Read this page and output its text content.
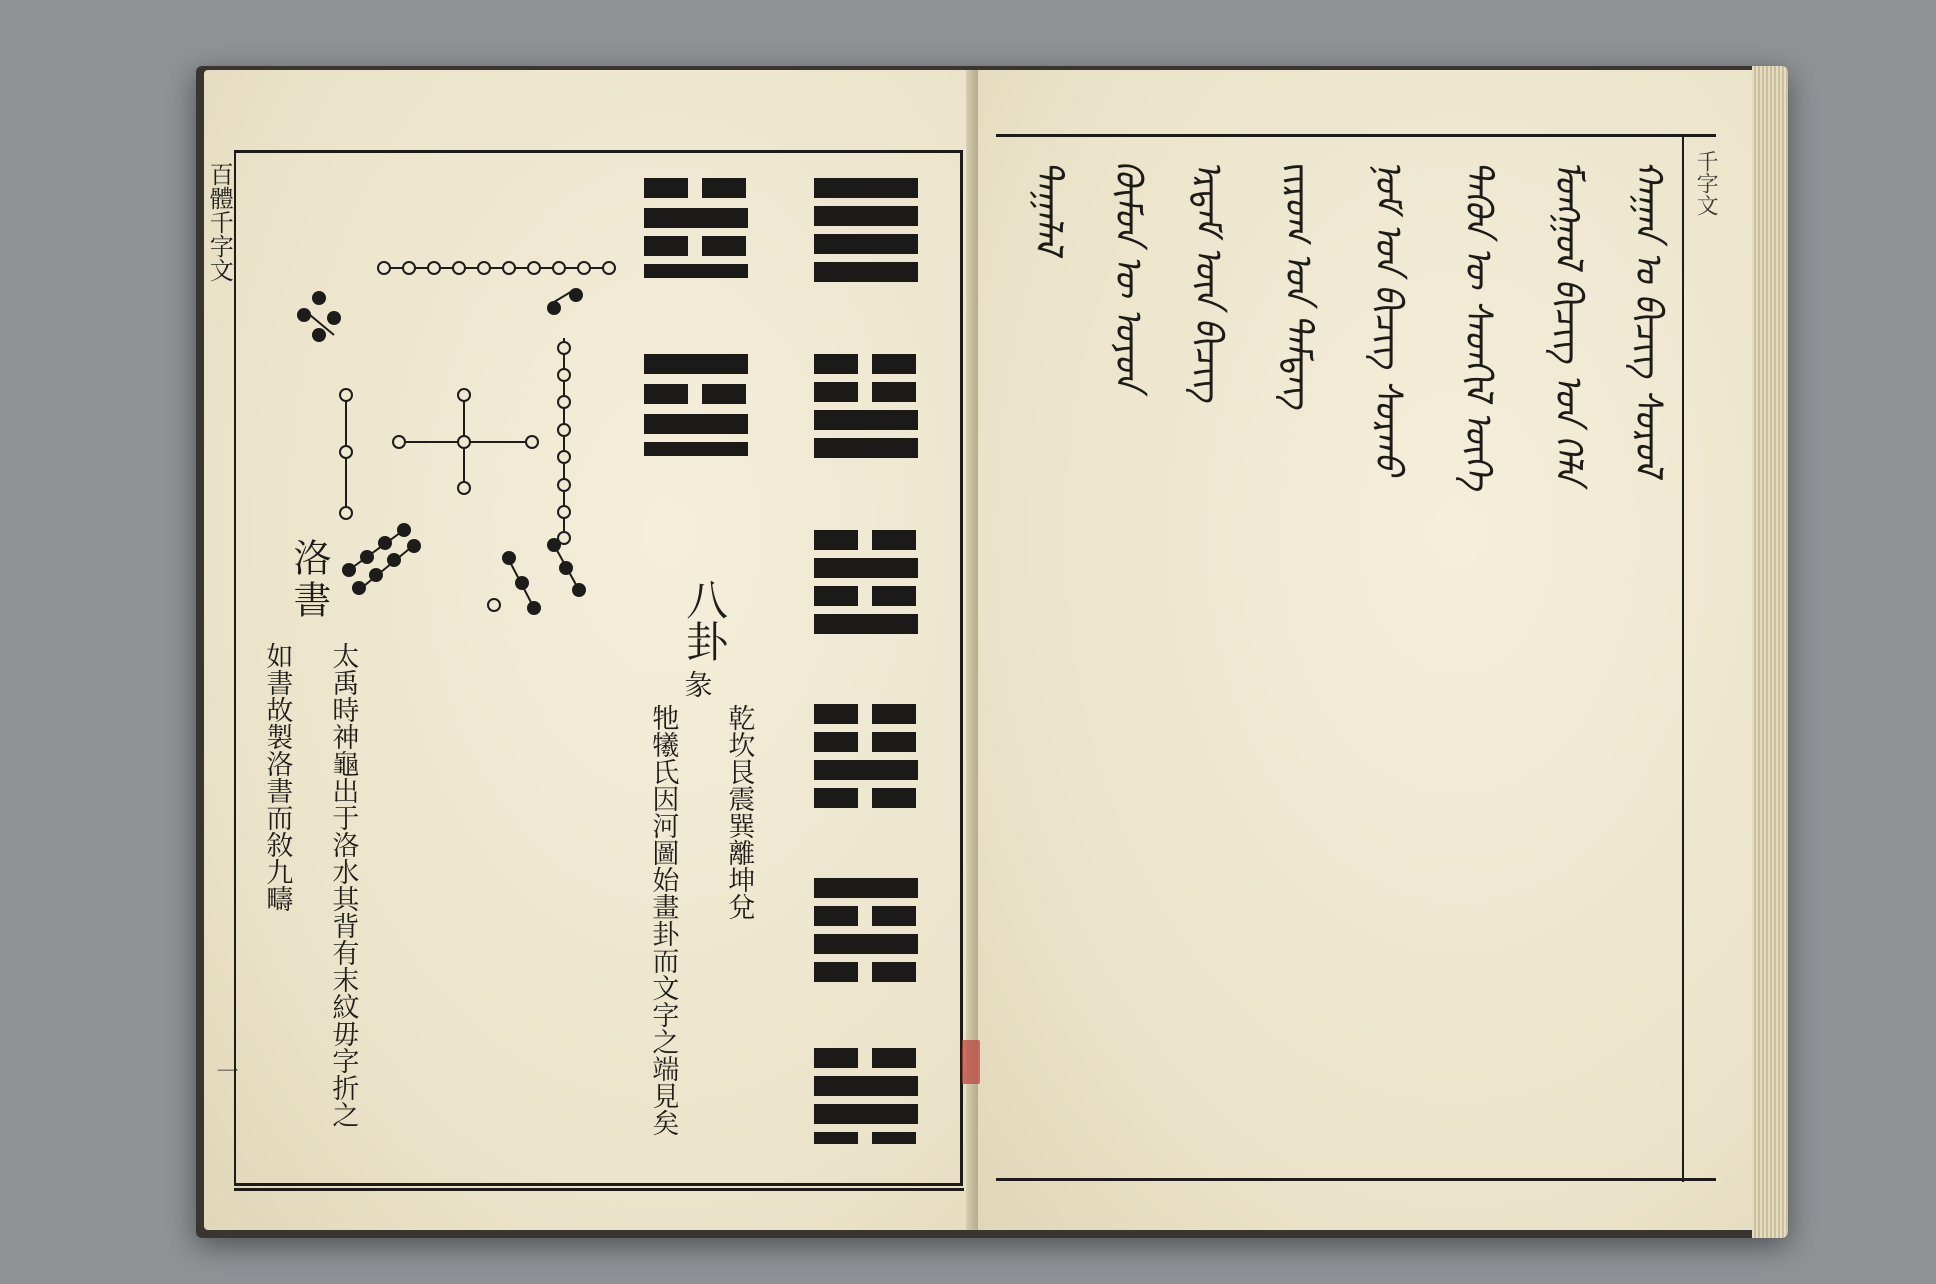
百體千字文
洛書
太禹時神龜出于洛水其背有末紋毋字折之
如書故製洛書而敘九疇
八卦
彖
乾坎艮震巽離坤兌
牠犧氏因河圖始畫卦而文字之端見矣
一
千字文
ᠬᠠᠭᠠᠨ ᠤ ᠪᠢᠴᠢᠭ ᠰᠤᠷᠤᠯ
ᠮᠣᠩᠭᠣᠯ ᠪᠢᠴᠢᠭ ᠤᠨ ᠬᠡᠯᠡ
ᠲᠡᠭᠦᠨ ᠦ ᠰᠡᠳᠬᠢᠯ ᠦᠭᠡ
ᠨᠣᠮ ᠤᠨ ᠪᠢᠴᠢᠭ ᠰᠤᠷᠬᠤ
ᠵᠢᠷᠤᠭ ᠤᠨ ᠲᠡᠮᠳᠡᠭ
ᠡᠷᠳᠡᠮ ᠦᠨ ᠪᠢᠴᠢᠭ
ᠬᠦᠮᠦᠨ ᠦ ᠣᠶᠤᠨ
ᠲᠠᠭᠠᠯᠠᠯ
